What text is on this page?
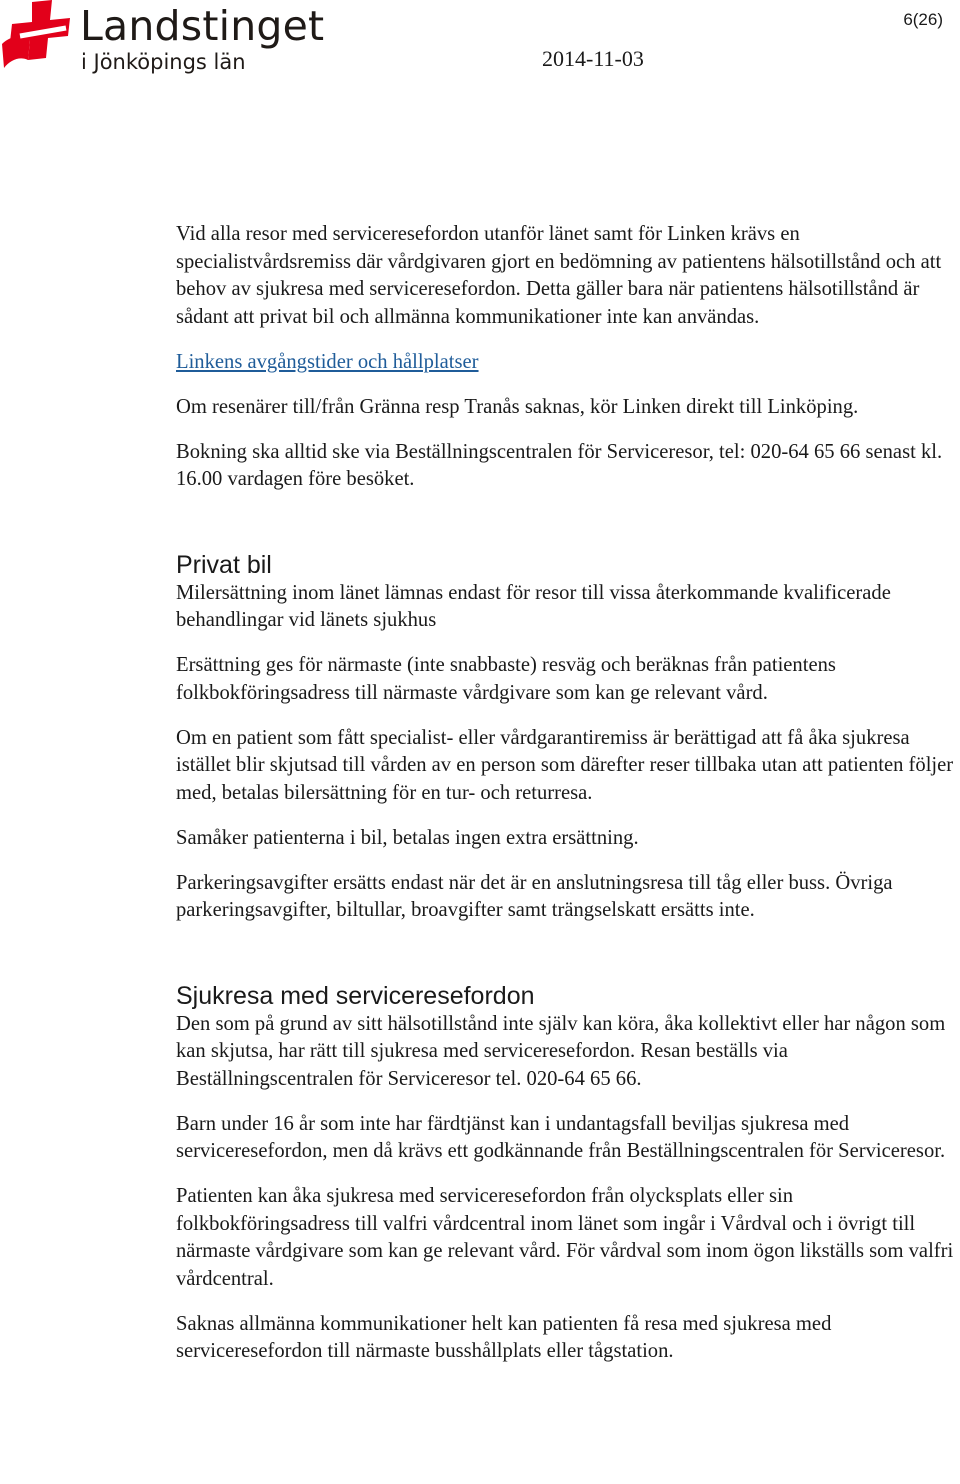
Landstinget
i Jönköpings län	2014-11-03
6(26)

Vid alla resor med serviceresefordon utanför länet samt för Linken krävs en specialistvårdsremiss där vårdgivaren gjort en bedömning av patientens hälsotillstånd och att behov av sjukresa med serviceresefordon. Detta gäller bara när patientens hälsotillstånd är sådant att privat bil och allmänna kommunikationer inte kan användas.

Linkens avgångstider och hållplatser

Om resenärer till/från Gränna resp Tranås saknas, kör Linken direkt till Linköping.

Bokning ska alltid ske via Beställningscentralen för Serviceresor, tel: 020-64 65 66 senast kl. 16.00 vardagen före besöket.

Privat bil

Milersättning inom länet lämnas endast för resor till vissa återkommande kvalificerade behandlingar vid länets sjukhus

Ersättning ges för närmaste (inte snabbaste) resväg och beräknas från patientens folkbokföringsadress till närmaste vårdgivare som kan ge relevant vård.

Om en patient som fått specialist- eller vårdgarantiremiss är berättigad att få åka sjukresa istället blir skjutsad till vården av en person som därefter reser tillbaka utan att patienten följer med, betalas bilersättning för en tur- och returresa.

Samåker patienterna i bil, betalas ingen extra ersättning.

Parkeringsavgifter ersätts endast när det är en anslutningsresa till tåg eller buss. Övriga parkeringsavgifter, biltullar, broavgifter samt trängselskatt ersätts inte.

Sjukresa med serviceresefordon

Den som på grund av sitt hälsotillstånd inte själv kan köra, åka kollektivt eller har någon som kan skjutsa, har rätt till sjukresa med serviceresefordon. Resan beställs via Beställningscentralen för Serviceresor tel. 020-64 65 66.

Barn under 16 år som inte har färdtjänst kan i undantagsfall beviljas sjukresa med serviceresefordon, men då krävs ett godkännande från Beställningscentralen för Serviceresor.

Patienten kan åka sjukresa med serviceresefordon från olycksplats eller sin folkbokföringsadress till valfri vårdcentral inom länet som ingår i Vårdval och i övrigt till närmaste vårdgivare som kan ge relevant vård. För vårdval som inom ögon likställs som valfri vårdcentral.

Saknas allmänna kommunikationer helt kan patienten få resa med sjukresa med serviceresefordon till närmaste busshållplats eller tågstation.
